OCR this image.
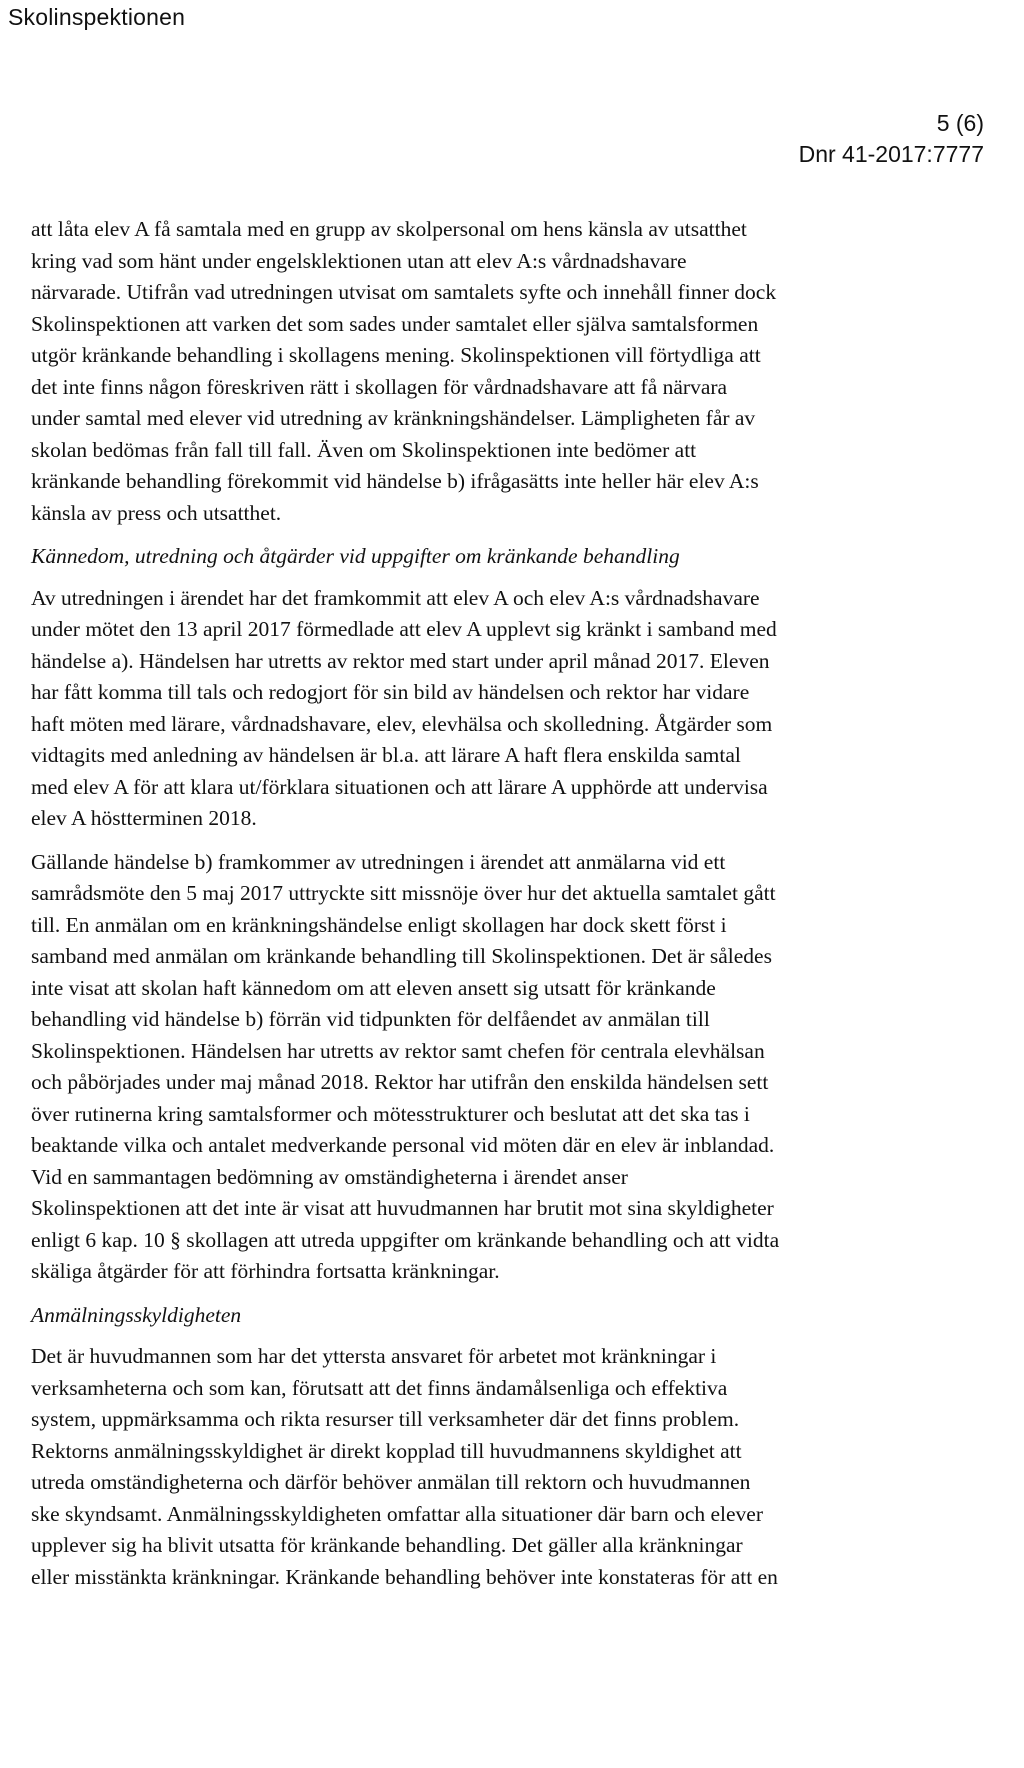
Skolinspektionen

5 (6)

Dnr 41-2017:7777

att låta elev A få samtala med en grupp av skolpersonal om hens känsla av utsatthet
kring vad som hänt under engelsklektionen utan att elev A:s vårdnadshavare
närvarade. Utifrån vad utredningen utvisat om samtalets syfte och innehåll finner dock
Skolinspektionen att varken det som sades under samtalet eller själva samtalsformen
utgör kränkande behandling i skollagens mening. Skolinspektionen vill förtydliga att
det inte finns någon föreskriven rätt i skollagen för vårdnadshavare att få närvara
under samtal med elever vid utredning av kränkningshändelser. Lämpligheten får av
skolan bedömas från fall till fall. Även om Skolinspektionen inte bedömer att
kränkande behandling förekommit vid händelse b) ifrågasätts inte heller här elev A:s
känsla av press och utsatthet.

Kännedom, utredning och åtgärder vid uppgifter om kränkande behandling

Av utredningen i ärendet har det framkommit att elev A och elev A:s vårdnadshavare
under mötet den 13 april 2017 förmedlade att elev A upplevt sig kränkt i samband med
händelse a). Händelsen har utretts av rektor med start under april månad 2017. Eleven
har fått komma till tals och redogjort för sin bild av händelsen och rektor har vidare
haft möten med lärare, vårdnadshavare, elev, elevhälsa och skolledning. Åtgärder som
vidtagits med anledning av händelsen är bl.a. att lärare A haft flera enskilda samtal
med elev A för att klara ut/förklara situationen och att lärare A upphörde att undervisa
elev A höstterminen 2018.

Gällande händelse b) framkommer av utredningen i ärendet att anmälarna vid ett
samrådsmöte den 5 maj 2017 uttryckte sitt missnöje över hur det aktuella samtalet gått
till. En anmälan om en kränkningshändelse enligt skollagen har dock skett först i
samband med anmälan om kränkande behandling till Skolinspektionen. Det är således
inte visat att skolan haft kännedom om att eleven ansett sig utsatt för kränkande
behandling vid händelse b) förrän vid tidpunkten för delfåendet av anmälan till
Skolinspektionen. Händelsen har utretts av rektor samt chefen för centrala elevhälsan
och påbörjades under maj månad 2018. Rektor har utifrån den enskilda händelsen sett
över rutinerna kring samtalsformer och mötesstrukturer och beslutat att det ska tas i
beaktande vilka och antalet medverkande personal vid möten där en elev är inblandad.
Vid en sammantagen bedömning av omständigheterna i ärendet anser
Skolinspektionen att det inte är visat att huvudmannen har brutit mot sina skyldigheter
enligt 6 kap. 10 § skollagen att utreda uppgifter om kränkande behandling och att vidta
skäliga åtgärder för att förhindra fortsatta kränkningar.

Anmälningsskyldigheten

Det är huvudmannen som har det yttersta ansvaret för arbetet mot kränkningar i
verksamheterna och som kan, förutsatt att det finns ändamålsenliga och effektiva
system, uppmärksamma och rikta resurser till verksamheter där det finns problem.
Rektorns anmälningsskyldighet är direkt kopplad till huvudmannens skyldighet att
utreda omständigheterna och därför behöver anmälan till rektorn och huvudmannen
ske skyndsamt. Anmälningsskyldigheten omfattar alla situationer där barn och elever
upplever sig ha blivit utsatta för kränkande behandling. Det gäller alla kränkningar
eller misstänkta kränkningar. Kränkande behandling behöver inte konstateras för att en
